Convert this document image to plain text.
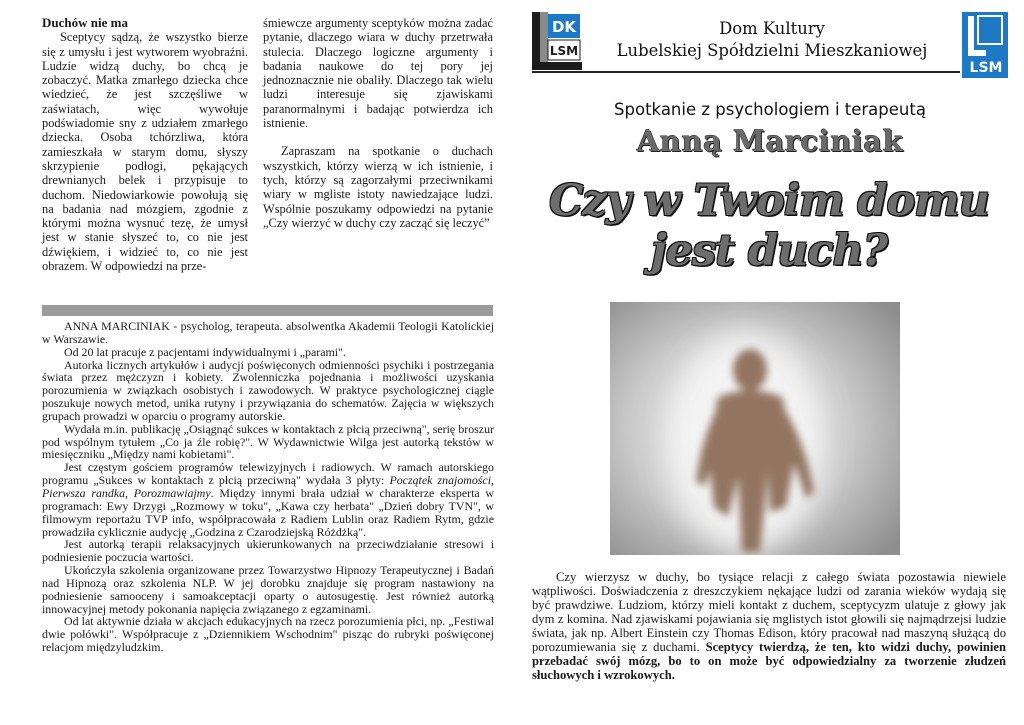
Duchów nie ma

Sceptycy sądzą, że wszystko bierze się z umysłu i jest wytworem wyobraźni. Ludzie widzą duchy, bo chcą je zobaczyć. Matka zmarłego dziecka chce wiedzieć, że jest szczęśliwe w zaświatach, więc wywołuje podświadomie sny z udziałem zmarłego dziecka. Osoba tchórzliwa, która zamieszkała w starym domu, słyszy skrzypienie podłogi, pękających drewnianych belek i przypisuje to duchom. Niedowiarkowie powołują się na badania nad mózgiem, zgodnie z którymi można wysnuć tezę, że umysł jest w stanie słyszeć to, co nie jest dźwiękiem, i widzieć to, co nie jest obrazem. W odpowiedzi na prze-

śmiewcze argumenty sceptyków można zadać pytanie, dlaczego wiara w duchy przetrwała stulecia. Dlaczego logiczne argumenty i badania naukowe do tej pory jej jednoznacznie nie obaliły. Dlaczego tak wielu ludzi interesuje się zjawiskami paranormalnymi i badając potwierdza ich istnienie.

Zapraszam na spotkanie o duchach wszystkich, którzy wierzą w ich istnienie, i tych, którzy są zagorzałymi przeciwnikami wiary w mgliste istoty nawiedzające ludzi. Wspólnie poszukamy odpowiedzi na pytanie „Czy wierzyć w duchy czy zacząć się leczyć”

ANNA MARCINIAK - psycholog, terapeuta. absolwentka Akademii Teologii Katolickiej w Warszawie.

Od 20 lat pracuje z pacjentami indywidualnymi i „parami".

Autorka licznych artykułów i audycji poświęconych odmienności psychiki i postrzegania świata przez mężczyzn i kobiety. Zwolenniczka pojednania i możliwości uzyskania porozumienia w związkach osobistych i zawodowych. W praktyce psychologicznej ciągle poszukuje nowych metod, unika rutyny i przywiązania do schematów. Zajęcia w większych grupach prowadzi w oparciu o programy autorskie.

Wydała m.in. publikację „Osiągnąć sukces w kontaktach z płcią przeciwną", serię broszur pod wspólnym tytułem „Co ja źle robię?". W Wydawnictwie Wilga jest autorką tekstów w miesięczniku „Między nami kobietami".

Jest częstym gościem programów telewizyjnych i radiowych. W ramach autorskiego programu „Sukces w kontaktach z płcią przeciwną" wydała 3 płyty: Początek znajomości, Pierwsza randka, Porozmawiajmy. Między innymi brała udział w charakterze eksperta w programach: Ewy Drzygi „Rozmowy w toku", „Kawa czy herbata" „Dzień dobry TVN", w filmowym reportażu TVP info, współpracowała z Radiem Lublin oraz Radiem Rytm, gdzie prowadziła cyklicznie audycję „Godzina z Czarodziejską Różdżką".

Jest autorką terapii relaksacyjnych ukierunkowanych na przeciwdziałanie stresowi i podniesienie poczucia wartości.

Ukończyła szkolenia organizowane przez Towarzystwo Hipnozy Terapeutycznej i Badań nad Hipnozą oraz szkolenia NLP. W jej dorobku znajduje się program nastawiony na podniesienie samooceny i samoakceptacji oparty o autosugestię. Jest również autorką innowacyjnej metody pokonania napięcia związanego z egzaminami.

Od lat aktywnie działa w akcjach edukacyjnych na rzecz porozumienia płci, np. „Festiwal dwie połówki". Współpracuje z „Dziennikiem Wschodnim" pisząc do rubryki poświęconej relacjom międzyludzkim.

DK
LSM
Dom Kultury
Lubelskiej Spółdzielni Mieszkaniowej
LSM
Spotkanie z psychologiem i terapeutą
Anną Marciniak
Czy w Twoim domu
jest duch?

Czy wierzysz w duchy, bo tysiące relacji z całego świata pozostawia niewiele wątpliwości. Doświadczenia z dreszczykiem nękające ludzi od zarania wieków wydają się być prawdziwe. Ludziom, którzy mieli kontakt z duchem, sceptycyzm ulatuje z głowy jak dym z komina. Nad zjawiskami pojawiania się mglistych istot głowili się najmądrzejsi ludzie świata, jak np. Albert Einstein czy Thomas Edison, który pracował nad maszyną służącą do porozumiewania się z duchami. Sceptycy twierdzą, że ten, kto widzi duchy, powinien przebadać swój mózg, bo to on może być odpowiedzialny za tworzenie złudzeń słuchowych i wzrokowych.
